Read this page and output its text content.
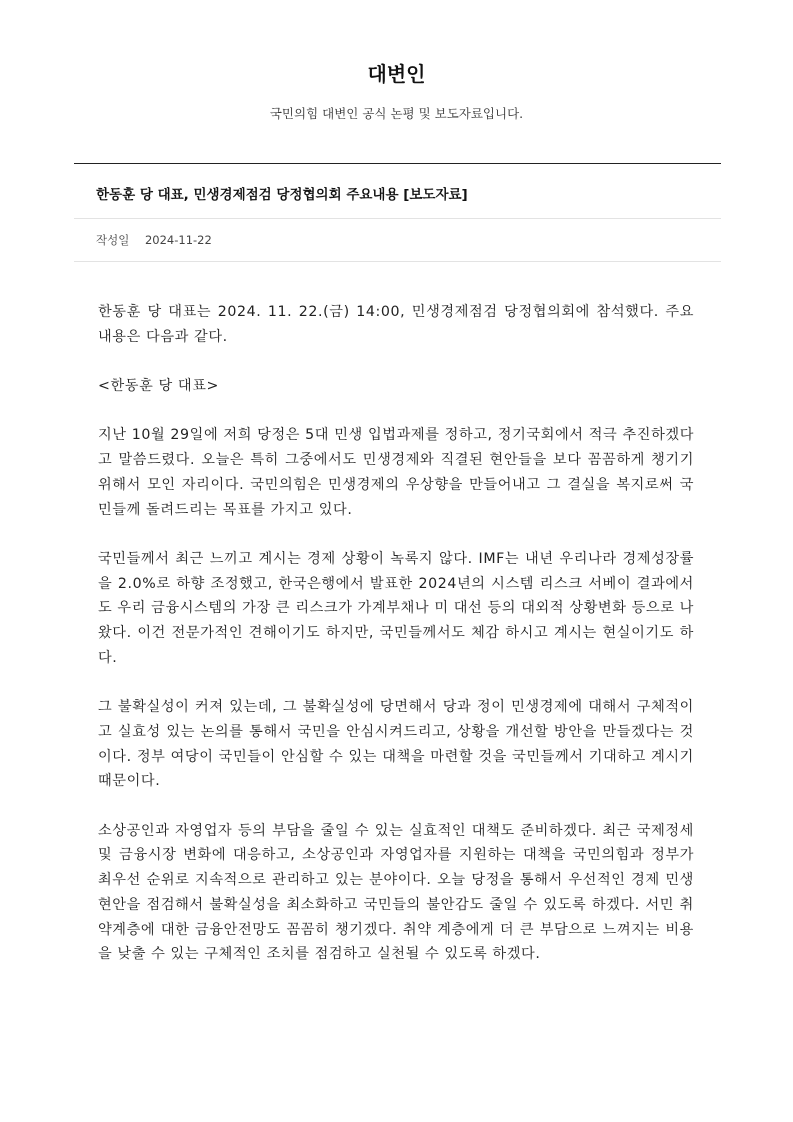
대변인
국민의힘 대변인 공식 논평 및 보도자료입니다.
한동훈 당 대표, 민생경제점검 당정협의회 주요내용 [보도자료]
작성일 2024-11-22

한동훈 당 대표는 2024. 11. 22.(금) 14:00, 민생경제점검 당정협의회에 참석했다. 주요내용은 다음과 같다.

<한동훈 당 대표>

지난 10월 29일에 저희 당정은 5대 민생 입법과제를 정하고, 정기국회에서 적극 추진하겠다고 말씀드렸다. 오늘은 특히 그중에서도 민생경제와 직결된 현안들을 보다 꼼꼼하게 챙기기 위해서 모인 자리이다. 국민의힘은 민생경제의 우상향을 만들어내고 그 결실을 복지로써 국민들께 돌려드리는 목표를 가지고 있다.

국민들께서 최근 느끼고 계시는 경제 상황이 녹록지 않다. IMF는 내년 우리나라 경제성장률을 2.0%로 하향 조정했고, 한국은행에서 발표한 2024년의 시스템 리스크 서베이 결과에서도 우리 금융시스템의 가장 큰 리스크가 가계부채나 미 대선 등의 대외적 상황변화 등으로 나왔다. 이건 전문가적인 견해이기도 하지만, 국민들께서도 체감 하시고 계시는 현실이기도 하다.

그 불확실성이 커져 있는데, 그 불확실성에 당면해서 당과 정이 민생경제에 대해서 구체적이고 실효성 있는 논의를 통해서 국민을 안심시켜드리고, 상황을 개선할 방안을 만들겠다는 것이다. 정부 여당이 국민들이 안심할 수 있는 대책을 마련할 것을 국민들께서 기대하고 계시기 때문이다.

소상공인과 자영업자 등의 부담을 줄일 수 있는 실효적인 대책도 준비하겠다. 최근 국제정세 및 금융시장 변화에 대응하고, 소상공인과 자영업자를 지원하는 대책을 국민의힘과 정부가 최우선 순위로 지속적으로 관리하고 있는 분야이다. 오늘 당정을 통해서 우선적인 경제 민생 현안을 점검해서 불확실성을 최소화하고 국민들의 불안감도 줄일 수 있도록 하겠다. 서민 취약계층에 대한 금융안전망도 꼼꼼히 챙기겠다. 취약 계층에게 더 큰 부담으로 느껴지는 비용을 낮출 수 있는 구체적인 조치를 점검하고 실천될 수 있도록 하겠다.
